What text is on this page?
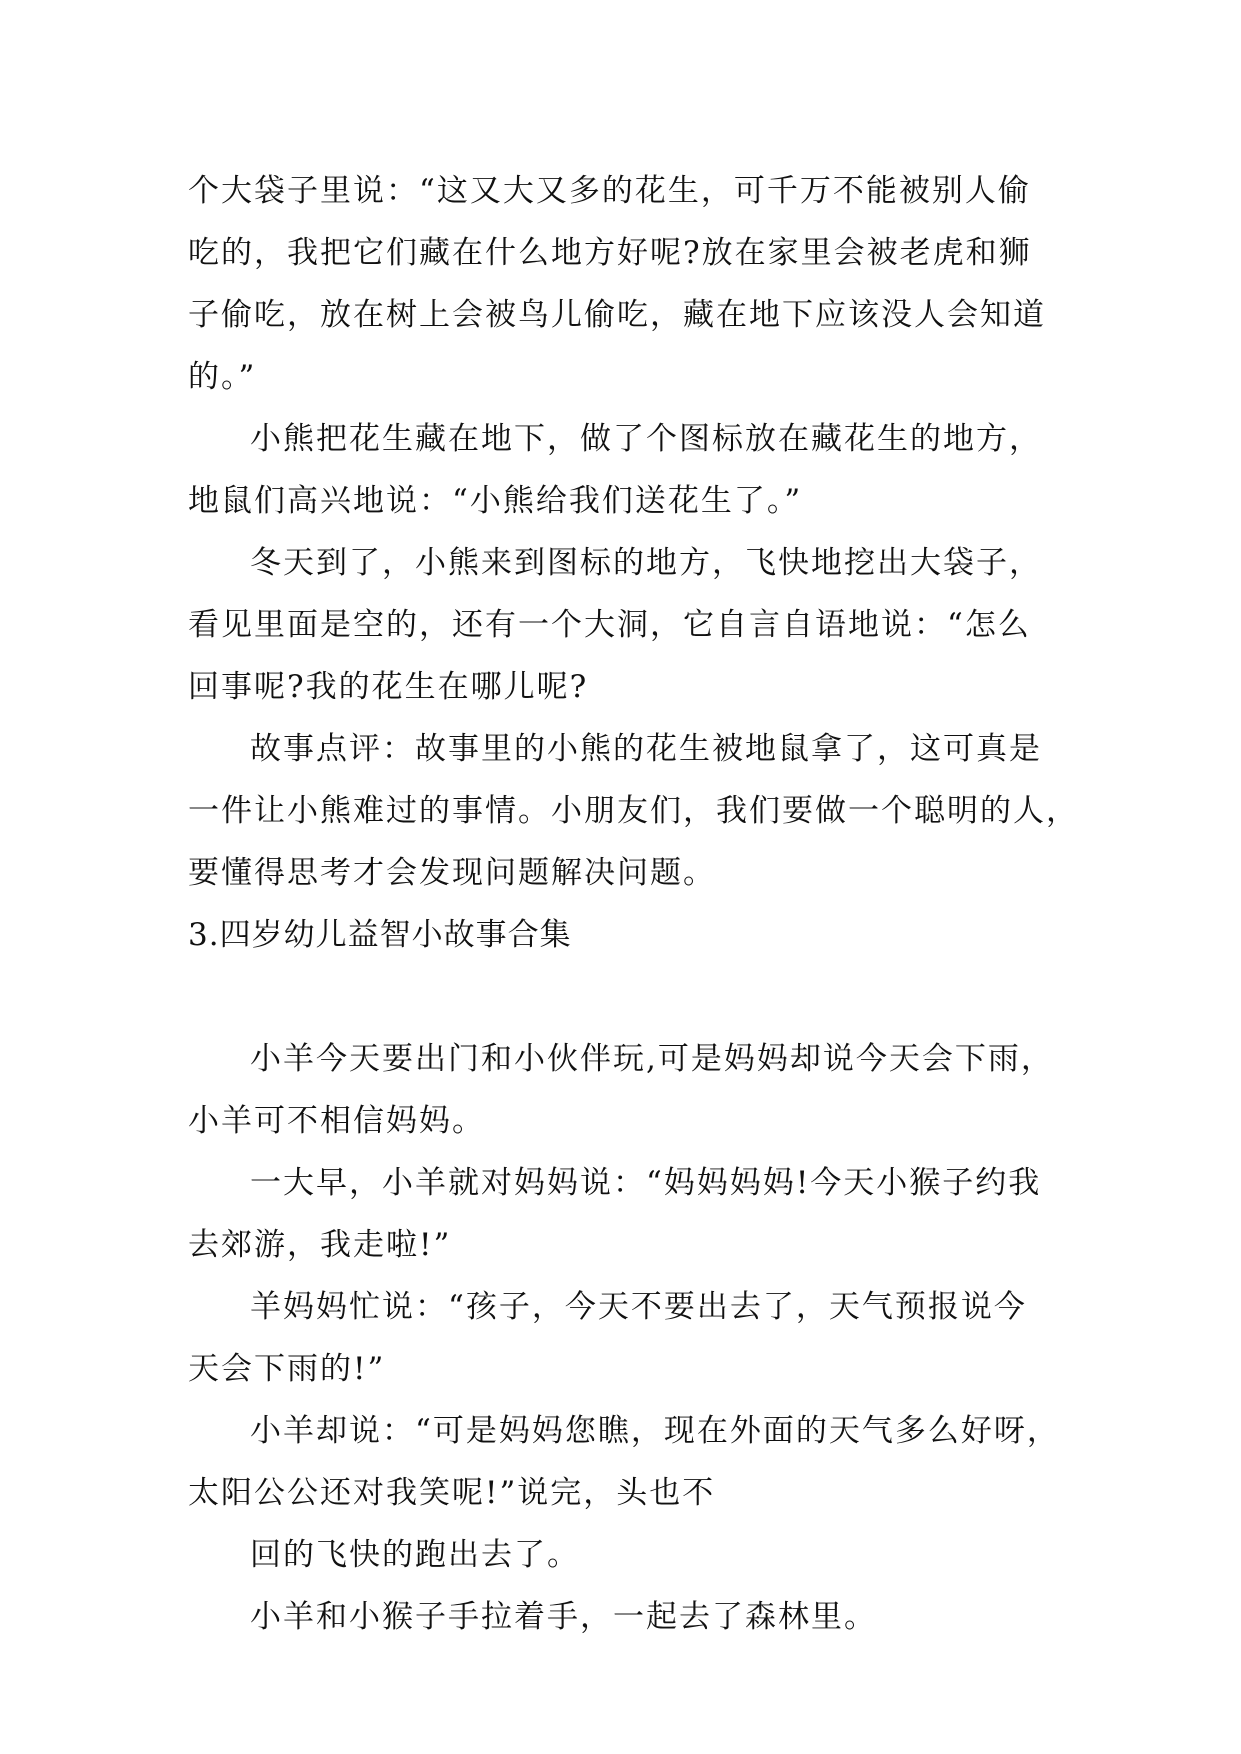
个大袋子里说：“这又大又多的花生，可千万不能被别人偷
吃的，我把它们藏在什么地方好呢?放在家里会被老虎和狮
子偷吃，放在树上会被鸟儿偷吃，藏在地下应该没人会知道
的。”

小熊把花生藏在地下，做了个图标放在藏花生的地方，
地鼠们高兴地说：“小熊给我们送花生了。”

冬天到了，小熊来到图标的地方，飞快地挖出大袋子，
看见里面是空的，还有一个大洞，它自言自语地说：“怎么
回事呢?我的花生在哪儿呢?

故事点评：故事里的小熊的花生被地鼠拿了，这可真是
一件让小熊难过的事情。小朋友们，我们要做一个聪明的人，
要懂得思考才会发现问题解决问题。

3.四岁幼儿益智小故事合集

小羊今天要出门和小伙伴玩,可是妈妈却说今天会下雨，
小羊可不相信妈妈。

一大早，小羊就对妈妈说：“妈妈妈妈!今天小猴子约我
去郊游，我走啦!”

羊妈妈忙说：“孩子，今天不要出去了，天气预报说今
天会下雨的!”

小羊却说：“可是妈妈您瞧，现在外面的天气多么好呀，
太阳公公还对我笑呢!”说完，头也不

回的飞快的跑出去了。

小羊和小猴子手拉着手，一起去了森林里。
